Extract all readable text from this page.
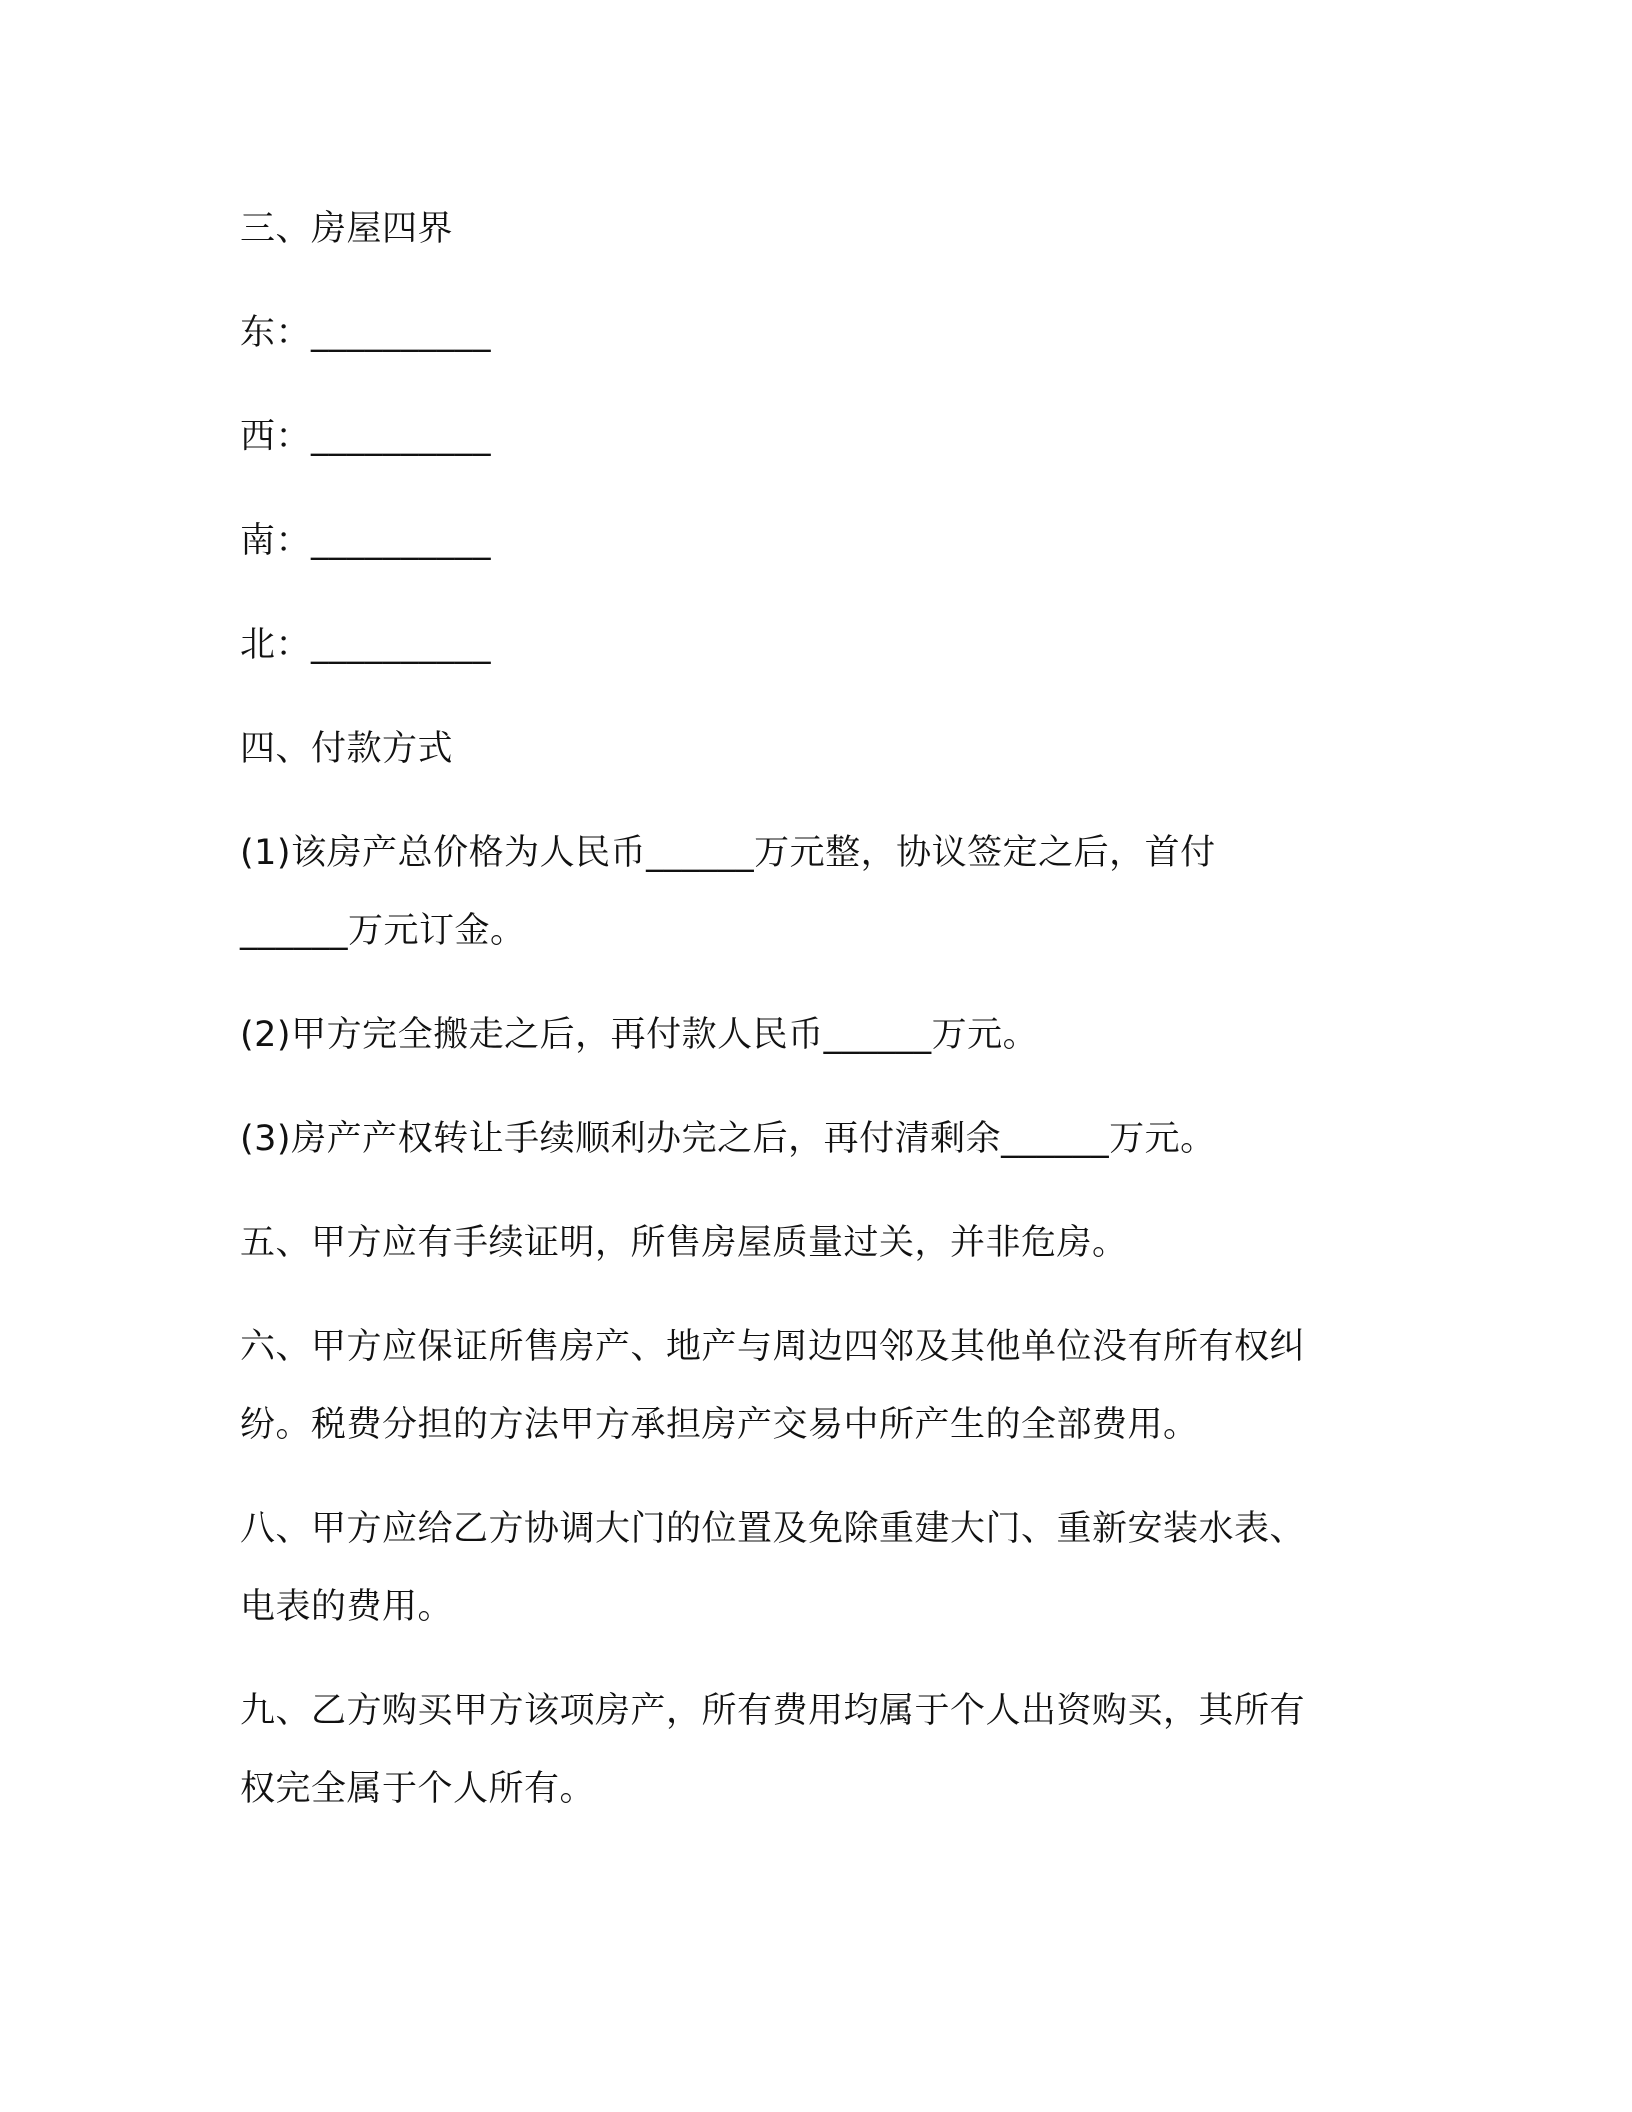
三、房屋四界
东：__________
西：__________
南：__________
北：__________
四、付款方式
(1)该房产总价格为人民币______万元整，协议签定之后，首付
______万元订金。
(2)甲方完全搬走之后，再付款人民币______万元。
(3)房产产权转让手续顺利办完之后，再付清剩余______万元。
五、甲方应有手续证明，所售房屋质量过关，并非危房。
六、甲方应保证所售房产、地产与周边四邻及其他单位没有所有权纠
纷。税费分担的方法甲方承担房产交易中所产生的全部费用。
八、甲方应给乙方协调大门的位置及免除重建大门、重新安装水表、
电表的费用。
九、乙方购买甲方该项房产，所有费用均属于个人出资购买，其所有
权完全属于个人所有。
